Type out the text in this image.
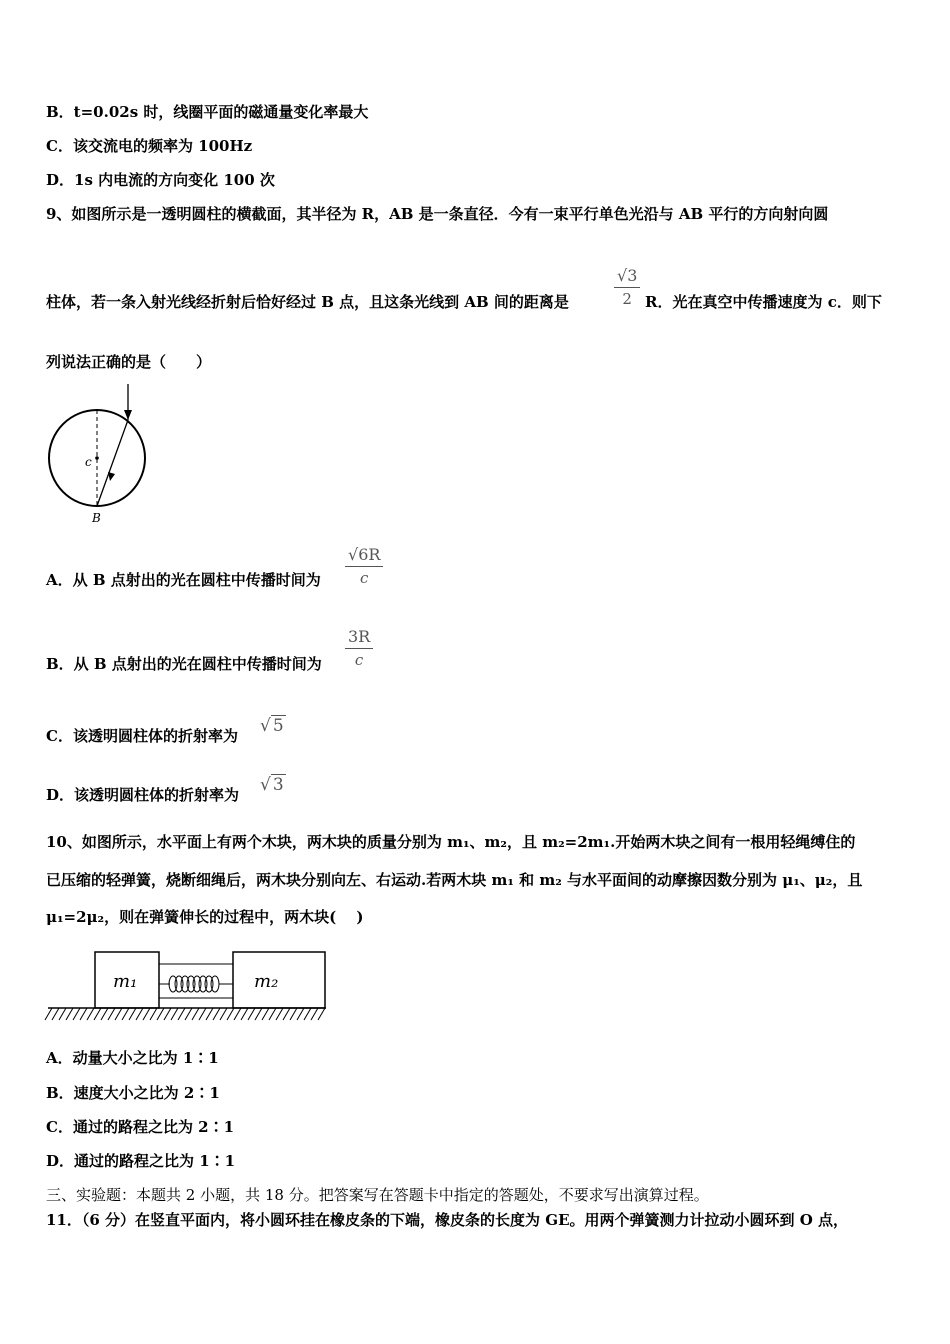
B．t=0.02s 时，线圈平面的磁通量变化率最大
C．该交流电的频率为 100Hz
D．1s 内电流的方向变化 100 次
9、如图所示是一透明圆柱的横截面，其半径为 R，AB 是一条直径．今有一束平行单色光沿与 AB 平行的方向射向圆
柱体，若一条入射光线经折射后恰好经过 B 点，且这条光线到 AB 间的距离是	$\frac{√3}{2}$ R．光在真空中传播速度为 c．则下
列说法正确的是（　　）
c
B
A．从 B 点射出的光在圆柱中传播时间为 $\frac{√6R}{c}$
B．从 B 点射出的光在圆柱中传播时间为 $\frac{3R}{c}$
C．该透明圆柱体的折射率为 √ 5
D．该透明圆柱体的折射率为 √ 3
10、如图所示，水平面上有两个木块，两木块的质量分别为 m₁、m₂，且 m₂=2m₁.开始两木块之间有一根用轻绳缚住的
已压缩的轻弹簧，烧断细绳后，两木块分别向左、右运动.若两木块 m₁ 和 m₂ 与水平面间的动摩擦因数分别为 μ₁、μ₂，且
μ₁=2μ₂，则在弹簧伸长的过程中，两木块(　 )
m₁	m₂
A．动量大小之比为 1∶1
B．速度大小之比为 2∶1
C．通过的路程之比为 2∶1
D．通过的路程之比为 1∶1
三、实验题：本题共 2 小题，共 18 分。把答案写在答题卡中指定的答题处，不要求写出演算过程。
11．（6 分）在竖直平面内，将小圆环挂在橡皮条的下端，橡皮条的长度为 GE。用两个弹簧测力计拉动小圆环到 O 点，
